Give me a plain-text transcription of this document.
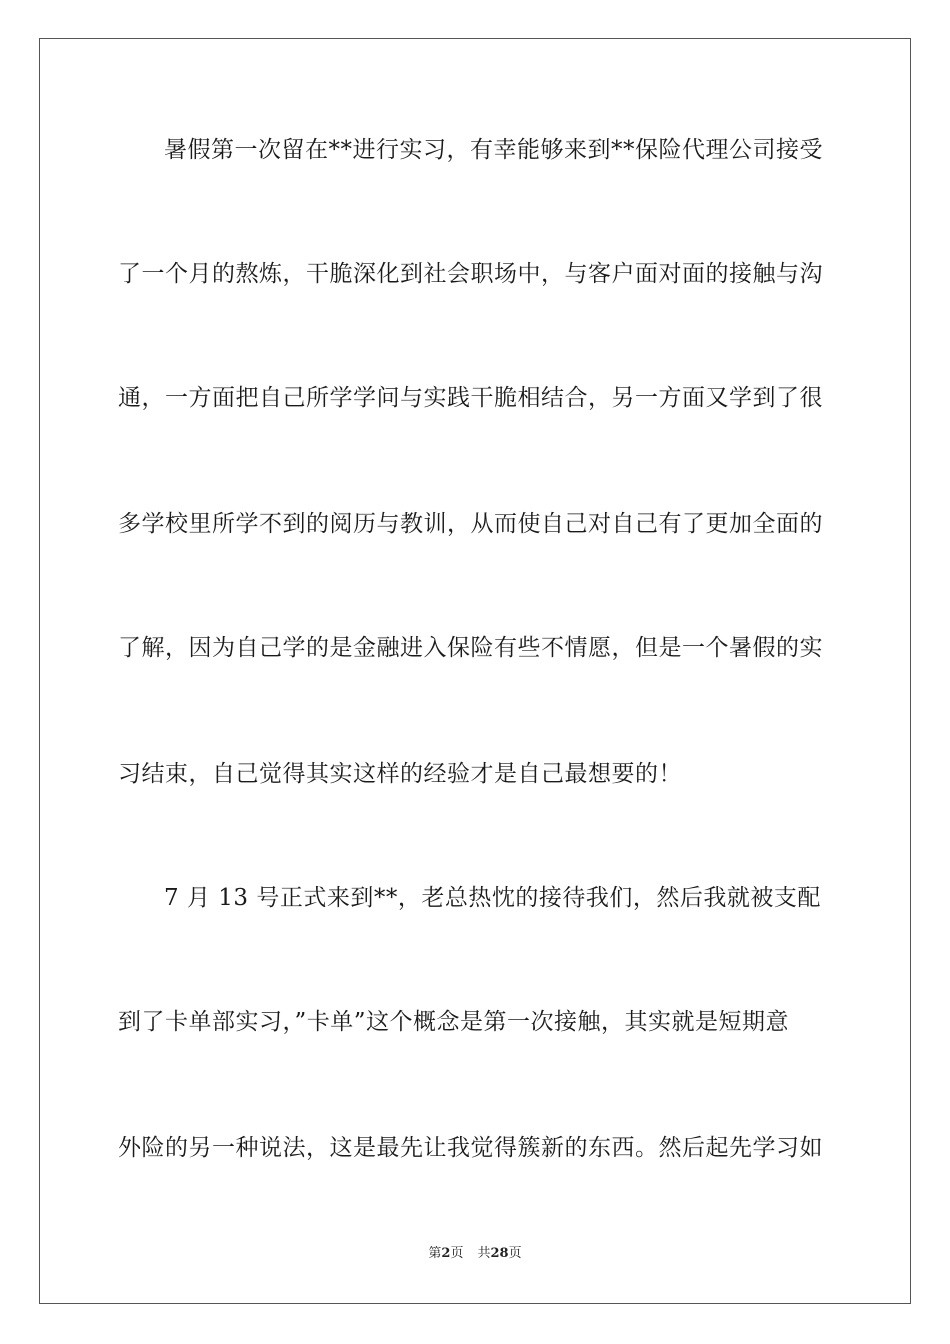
暑假第一次留在**进行实习，有幸能够来到**保险代理公司接受
了一个月的熬炼，干脆深化到社会职场中，与客户面对面的接触与沟
通，一方面把自己所学学问与实践干脆相结合，另一方面又学到了很
多学校里所学不到的阅历与教训，从而使自己对自己有了更加全面的
了解，因为自己学的是金融进入保险有些不情愿，但是一个暑假的实
习结束，自己觉得其实这样的经验才是自己最想要的！
7 月 13 号正式来到**，老总热忱的接待我们，然后我就被支配
到了卡单部实习，”卡单”这个概念是第一次接触，其实就是短期意
外险的另一种说法，这是最先让我觉得簇新的东西。然后起先学习如
第2页 共28页
